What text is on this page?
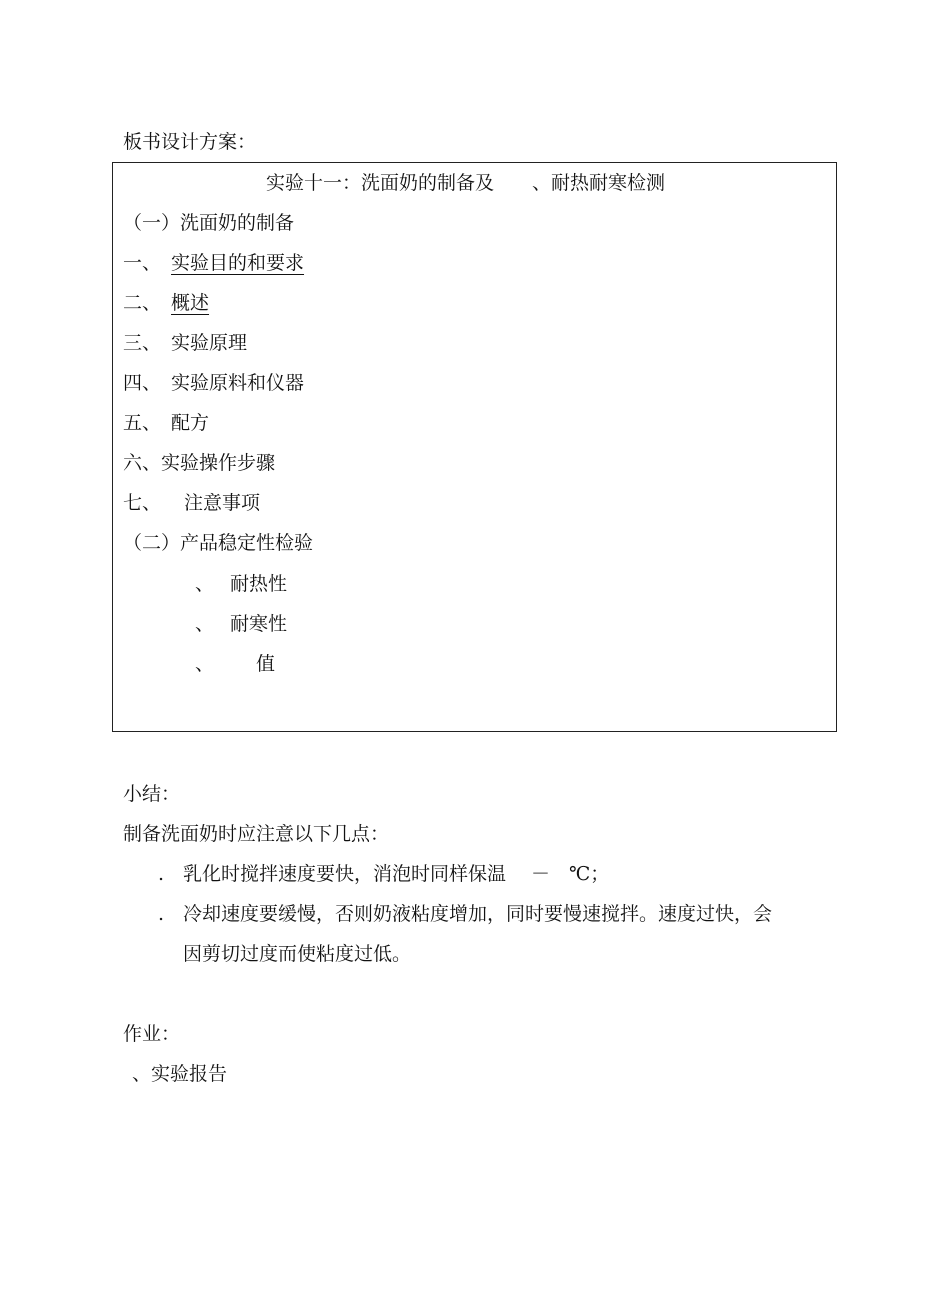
板书设计方案：
实验十一：洗面奶的制备及　　、耐热耐寒检测
（一）洗面奶的制备
一、 实验目的和要求
二、 概述
三、 实验原理
四、 实验原料和仪器
五、 配方
六、实验操作步骤
七、 注意事项
（二）产品稳定性检验
、 耐热性
、 耐寒性
、 值
小结：
制备洗面奶时应注意以下几点：
. 乳化时搅拌速度要快，消泡时同样保温　 －　℃；
. 冷却速度要缓慢，否则奶液粘度增加，同时要慢速搅拌。速度过快，会
因剪切过度而使粘度过低。
作业：
、实验报告
